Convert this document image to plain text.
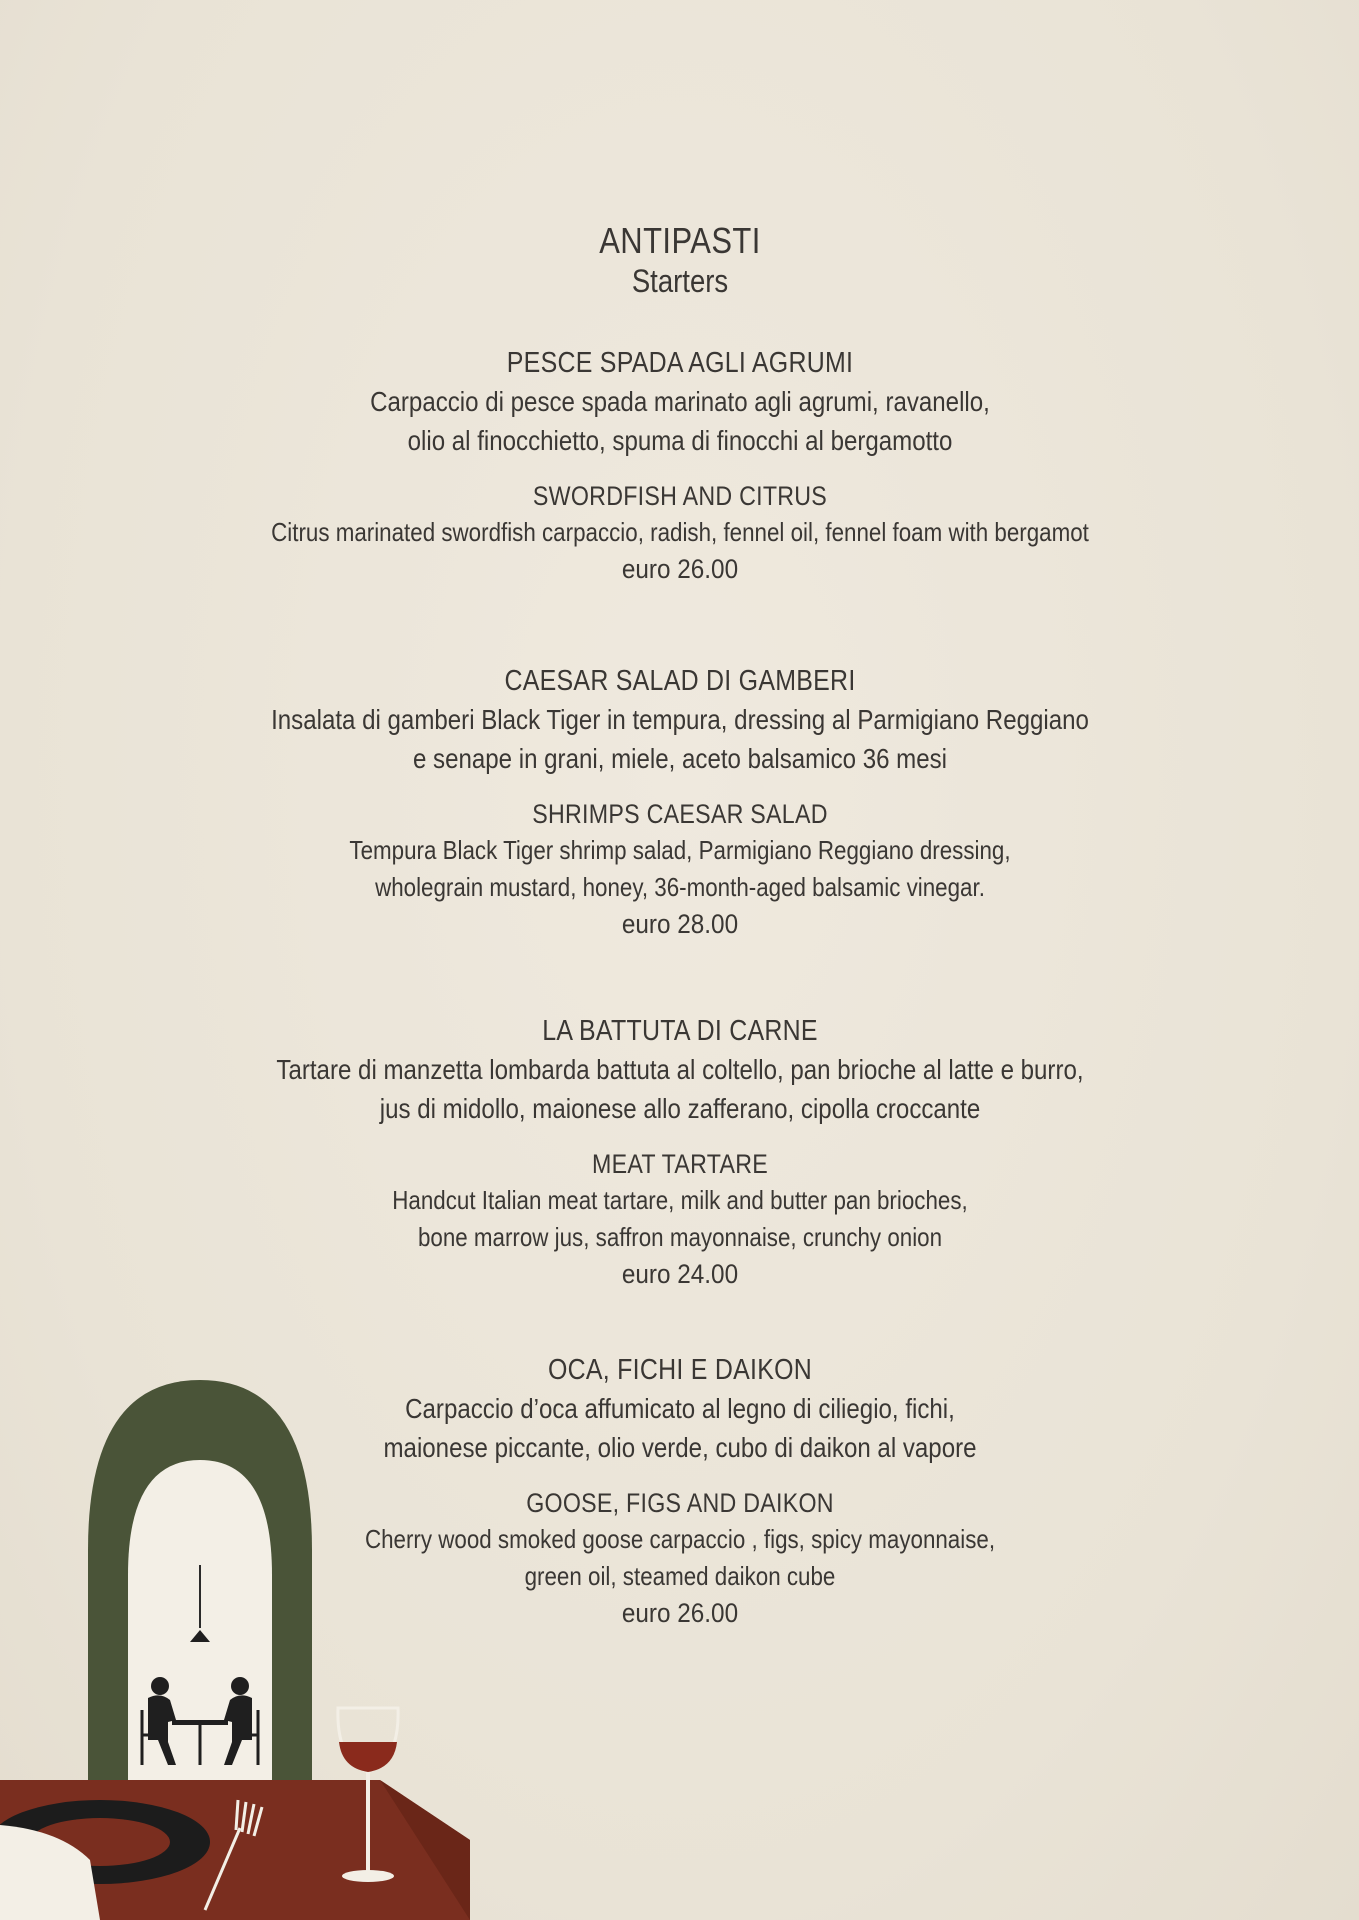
ANTIPASTI
Starters
PESCE SPADA AGLI AGRUMI
Carpaccio di pesce spada marinato agli agrumi, ravanello,
olio al finocchietto, spuma di finocchi al bergamotto
SWORDFISH AND CITRUS
Citrus marinated swordfish carpaccio, radish, fennel oil, fennel foam with bergamot
euro 26.00
CAESAR SALAD DI GAMBERI
Insalata di gamberi Black Tiger in tempura, dressing al Parmigiano Reggiano
e senape in grani, miele, aceto balsamico 36 mesi
SHRIMPS CAESAR SALAD
Tempura Black Tiger shrimp salad, Parmigiano Reggiano dressing,
wholegrain mustard, honey, 36-month-aged balsamic vinegar.
euro 28.00
LA BATTUTA DI CARNE
Tartare di manzetta lombarda battuta al coltello, pan brioche al latte e burro,
jus di midollo, maionese allo zafferano, cipolla croccante
MEAT TARTARE
Handcut Italian meat tartare, milk and butter pan brioches,
bone marrow jus, saffron mayonnaise, crunchy onion
euro 24.00
OCA, FICHI E DAIKON
Carpaccio d’oca affumicato al legno di ciliegio, fichi,
maionese piccante, olio verde, cubo di daikon al vapore
GOOSE, FIGS AND DAIKON
Cherry wood smoked goose carpaccio , figs, spicy mayonnaise,
green oil, steamed daikon cube
euro 26.00
